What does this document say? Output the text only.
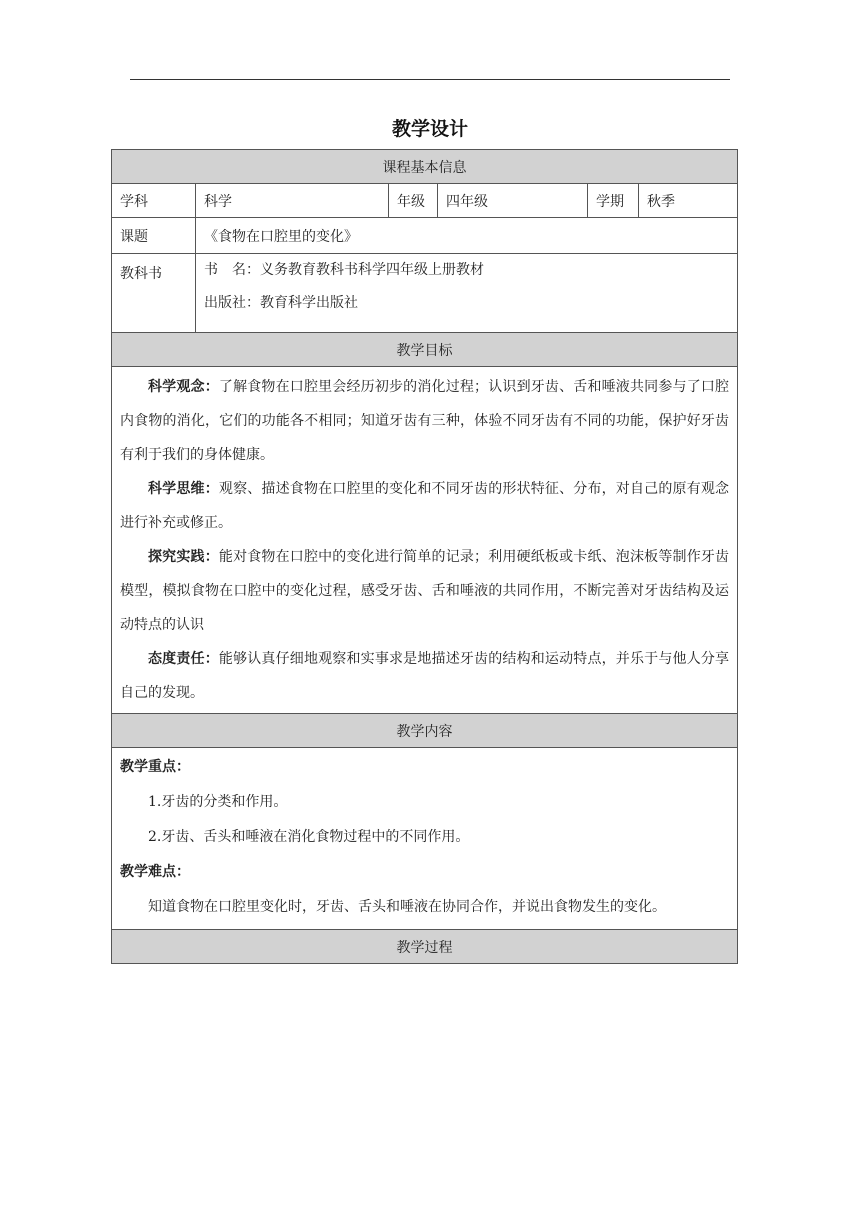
教学设计
课程基本信息					
学科	科学	年级	四年级	学期	秋季
课题	《食物在口腔里的变化》				
教科书	书　名：义务教育教科书科学四年级上册教材
出版社：教育科学出版社				

教学目标					

科学观念：了解食物在口腔里会经历初步的消化过程；认识到牙齿、舌和唾液共同参与了口腔内食物的消化，它们的功能各不相同；知道牙齿有三种，体验不同牙齿有不同的功能，保护好牙齿有利于我们的身体健康。

科学思维：观察、描述食物在口腔里的变化和不同牙齿的形状特征、分布，对自己的原有观念进行补充或修正。

探究实践：能对食物在口腔中的变化进行简单的记录；利用硬纸板或卡纸、泡沫板等制作牙齿模型，模拟食物在口腔中的变化过程，感受牙齿、舌和唾液的共同作用，不断完善对牙齿结构及运动特点的认识

态度责任：能够认真仔细地观察和实事求是地描述牙齿的结构和运动特点，并乐于与他人分享自己的发现。					

教学内容					

教学重点：

1.牙齿的分类和作用。

2.牙齿、舌头和唾液在消化食物过程中的不同作用。

教学难点：

知道食物在口腔里变化时，牙齿、舌头和唾液在协同合作，并说出食物发生的变化。					

教学过程					
